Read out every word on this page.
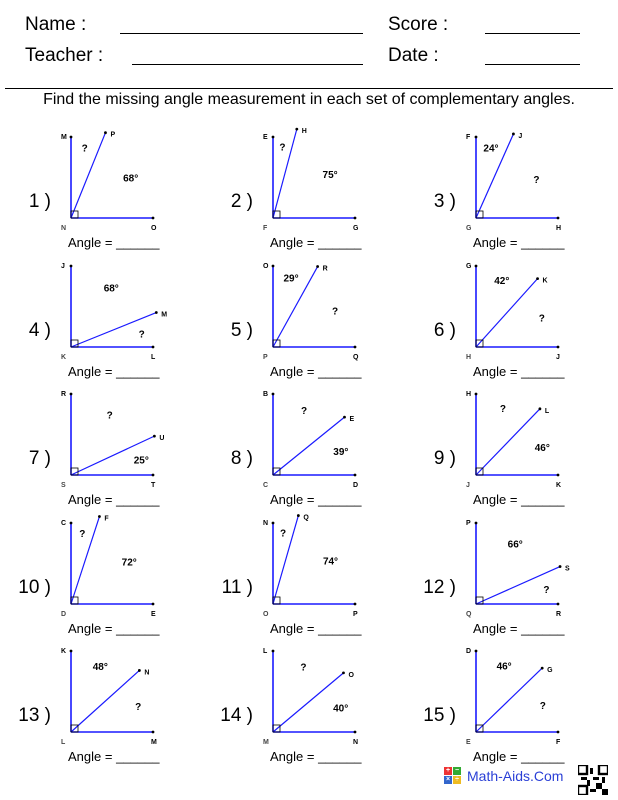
Name :	Score :
Teacher :	Date :
Find the missing angle measurement in each set of complementary angles.
M	P
N	O
68°
?
1 )
Angle = ______
E
H
F	G
75°
?
2 )
Angle = ______
F	J
G	H
?
24°
3 )
Angle = ______
J
M
K	L
?
68°
4 )
Angle = ______
O	R
P	Q
?
29°
5 )
Angle = ______
G
K
H	J
?
42°
6 )
Angle = ______
R
U
S	T
25°
?
7 )
Angle = ______
B
E
C	D
39°
?
8 )
Angle = ______
H
L
J	K
46°
?
9 )
Angle = ______
C
F
D	E
72°
?
10 )
Angle = ______
N
Q
O	P
74°
?
11 )
Angle = ______
P
S
Q	R
?
66°
12 )
Angle = ______
K
N
L	M
?
48°
13 )
Angle = ______
L
O
M	N
40°
?
14 )
Angle = ______
D
G
E	F
?
46°
15 )
Angle = ______
+ −
× ÷ Math-Aids.Com
